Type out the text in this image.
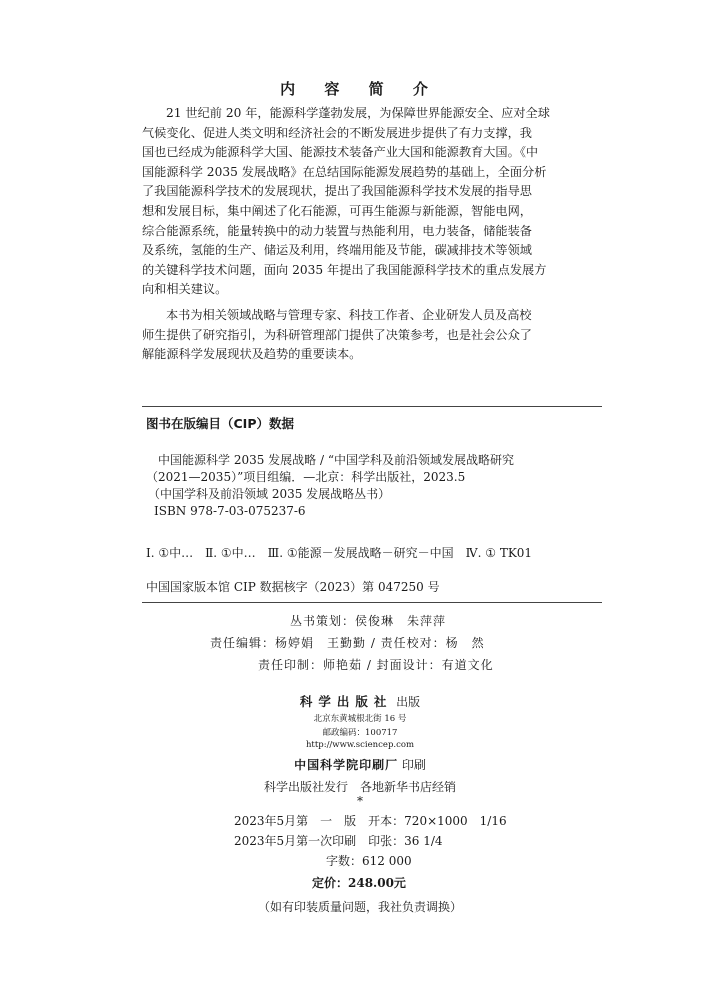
内 容 简 介
21 世纪前 20 年，能源科学蓬勃发展，为保障世界能源安全、应对全球
气候变化、促进人类文明和经济社会的不断发展进步提供了有力支撑，我
国也已经成为能源科学大国、能源技术装备产业大国和能源教育大国。《中
国能源科学 2035 发展战略》在总结国际能源发展趋势的基础上，全面分析
了我国能源科学技术的发展现状，提出了我国能源科学技术发展的指导思
想和发展目标，集中阐述了化石能源，可再生能源与新能源，智能电网，
综合能源系统，能量转换中的动力装置与热能利用，电力装备，储能装备
及系统，氢能的生产、储运及利用，终端用能及节能，碳减排技术等领域
的关键科学技术问题，面向 2035 年提出了我国能源科学技术的重点发展方
向和相关建议。
本书为相关领域战略与管理专家、科技工作者、企业研发人员及高校
师生提供了研究指引，为科研管理部门提供了决策参考，也是社会公众了
解能源科学发展现状及趋势的重要读本。
图书在版编目（CIP）数据
中国能源科学 2035 发展战略 / “中国学科及前沿领域发展战略研究
（2021—2035）”项目组编．—北京：科学出版社，2023.5
（中国学科及前沿领域 2035 发展战略丛书）
ISBN 978-7-03-075237-6
Ⅰ. ①中…　Ⅱ. ①中…　Ⅲ. ①能源－发展战略－研究－中国　Ⅳ. ① TK01
中国国家版本馆 CIP 数据核字（2023）第 047250 号
丛书策划：侯俊琳　朱萍萍
责任编辑：杨婷娟　王勤勤 / 责任校对：杨　然
责任印制：师艳茹 / 封面设计：有道文化
科学出版社 出版
北京东黄城根北街 16 号
邮政编码：100717
http://www.sciencep.com
中国科学院印刷厂 印刷
科学出版社发行　各地新华书店经销
*
2023年5月第　一　版　开本：720×1000　1/16
2023年5月第一次印刷　印张：36 1/4
字数：612 000
定价：248.00元
（如有印装质量问题，我社负责调换）
